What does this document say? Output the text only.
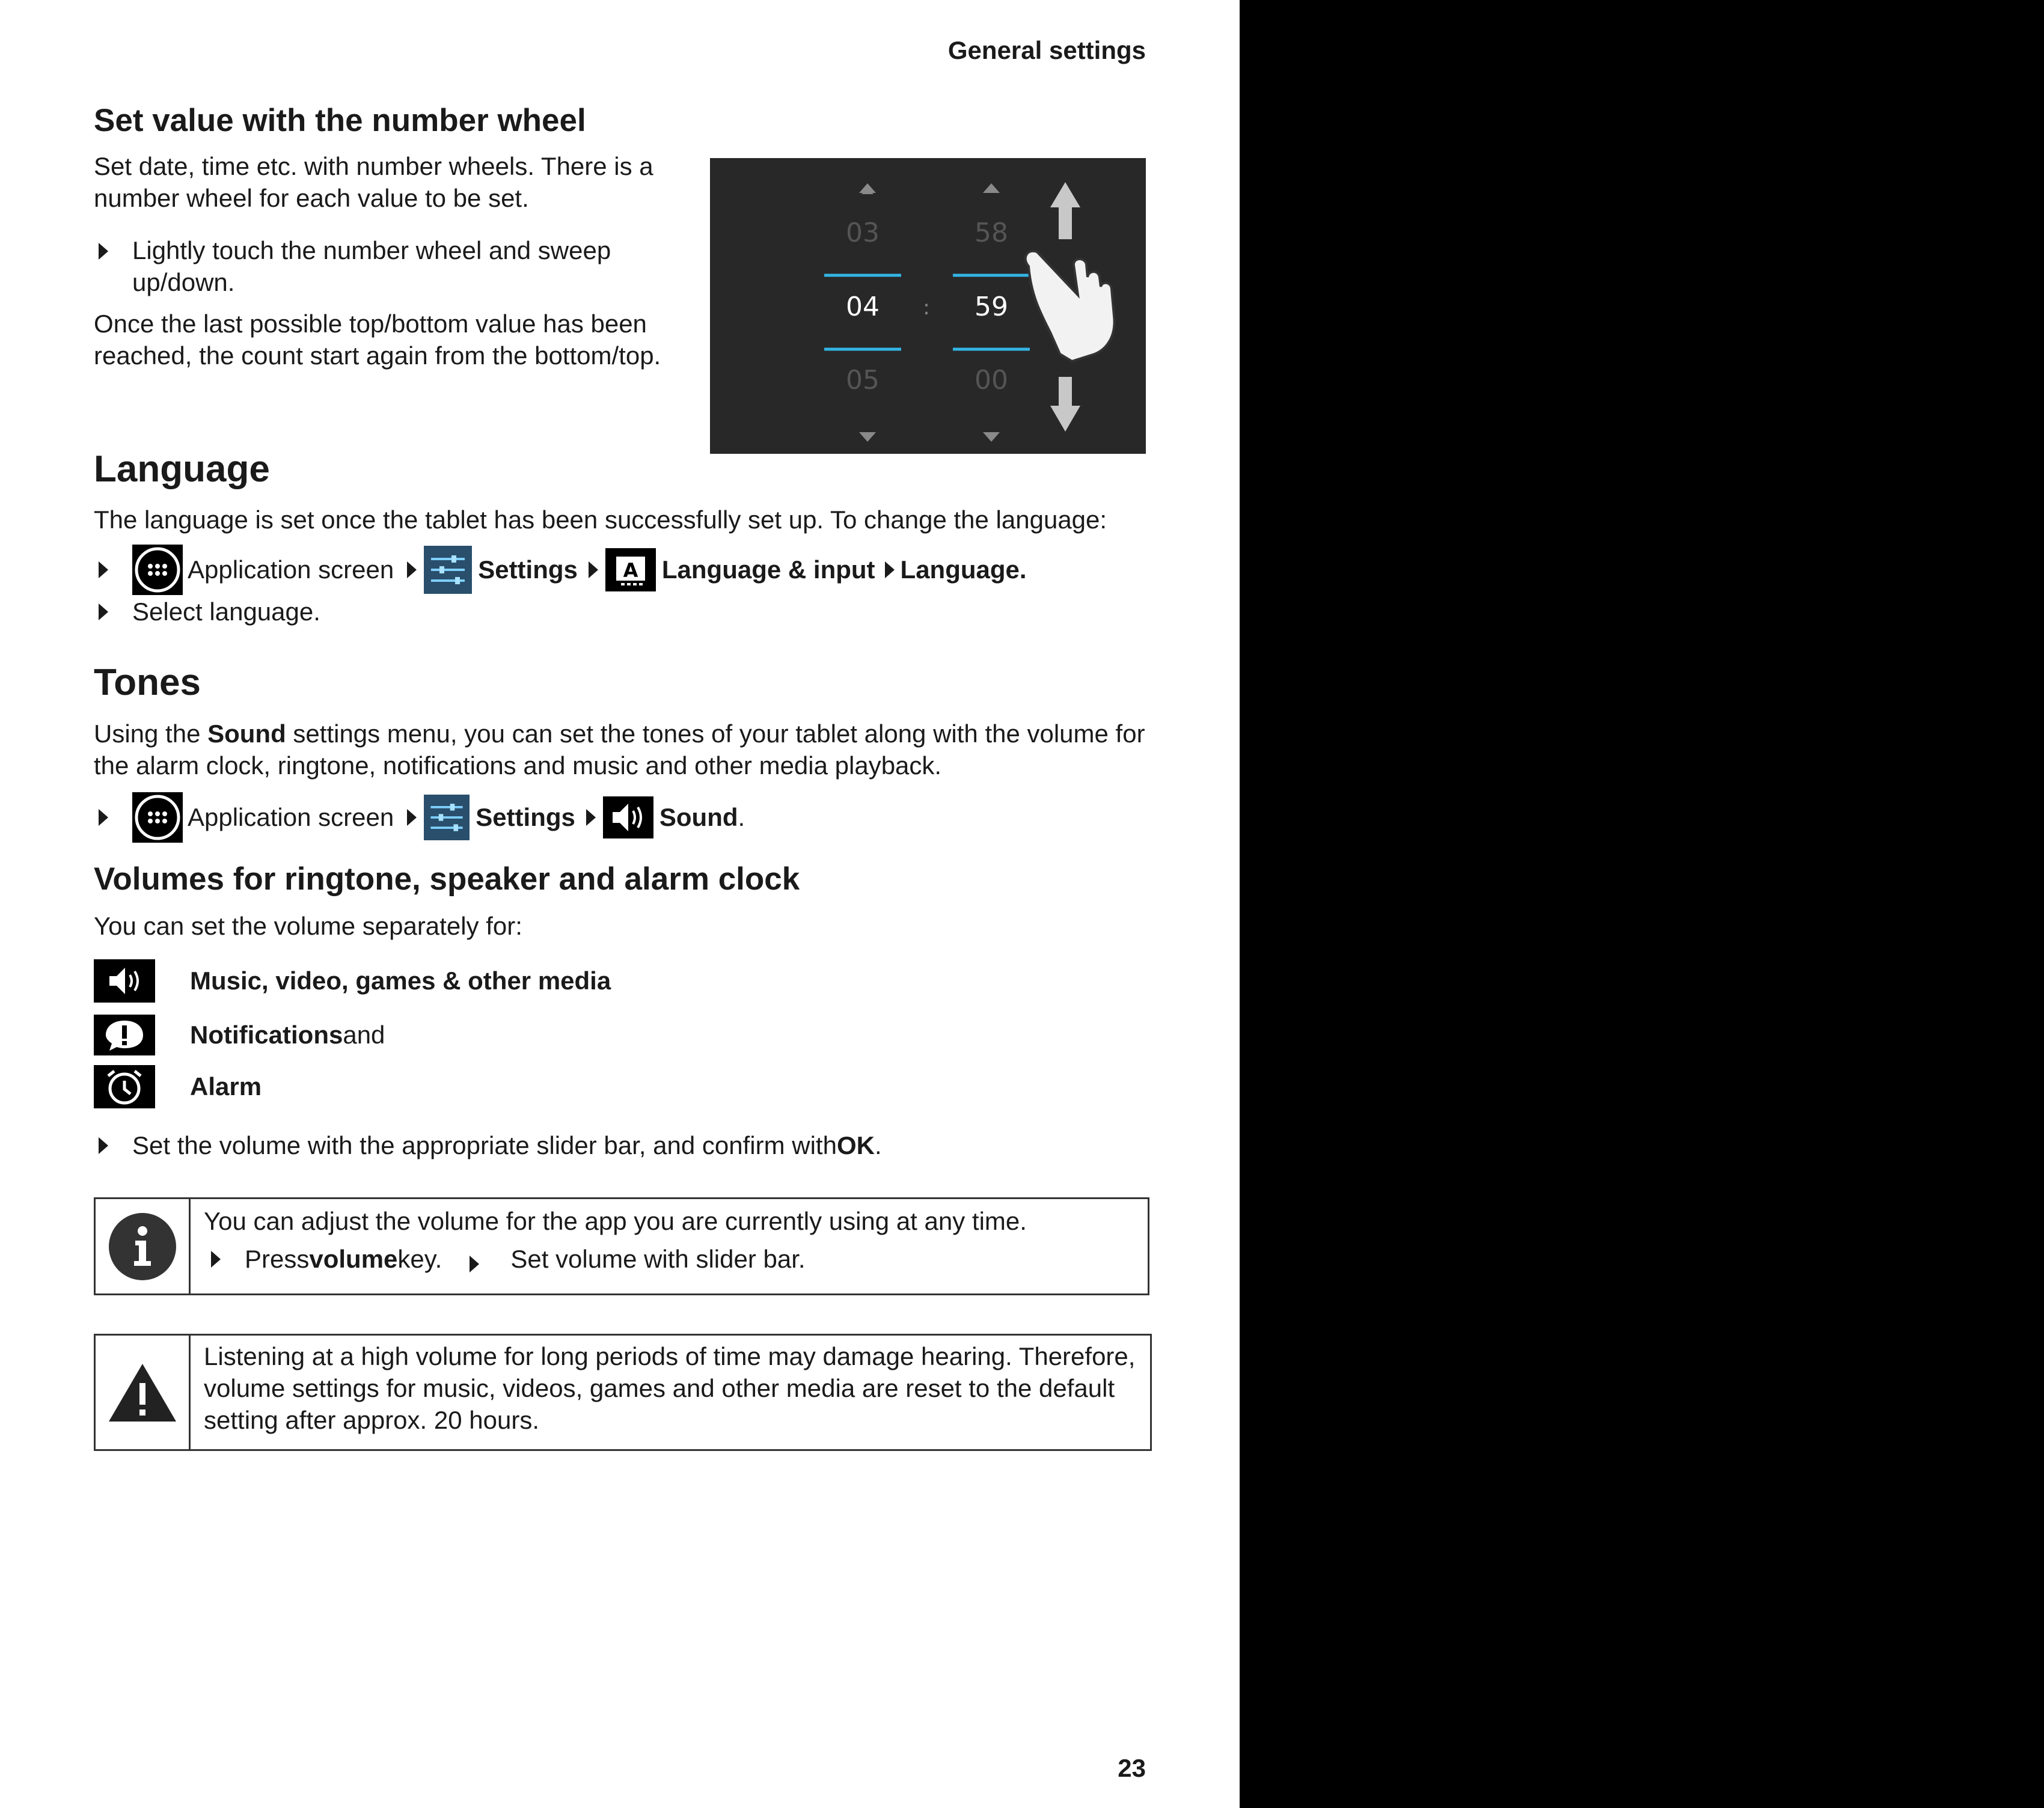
General settings
Set value with the number wheel
Set date, time etc. with number wheels. There is a number wheel for each value to be set.
Lightly touch the number wheel and sweep up/down.
Once the last possible top/bottom value has been reached, the count start again from the bottom/top.
03
04
05
:
58
59
00
Language
The language is set once the tablet has been successfully set up. To change the language:
Application screen	Settings A Language & input Language.
Select language.
Tones
Using the Sound settings menu, you can set the tones of your tablet along with the volume for the alarm clock, ringtone, notifications and music and other media playback.
Application screen	Settings	Sound .
Volumes for ringtone, speaker and alarm clock
You can set the volume separately for:
Music, video, games & other media
Notifications and
Alarm
Set the volume with the appropriate slider bar, and confirm with OK .
You can adjust the volume for the app you are currently using at any time.
Press volume key.	Set volume with slider bar.
Listening at a high volume for long periods of time may damage hearing. Therefore, volume settings for music, videos, games and other media are reset to the default setting after approx. 20 hours.
23
